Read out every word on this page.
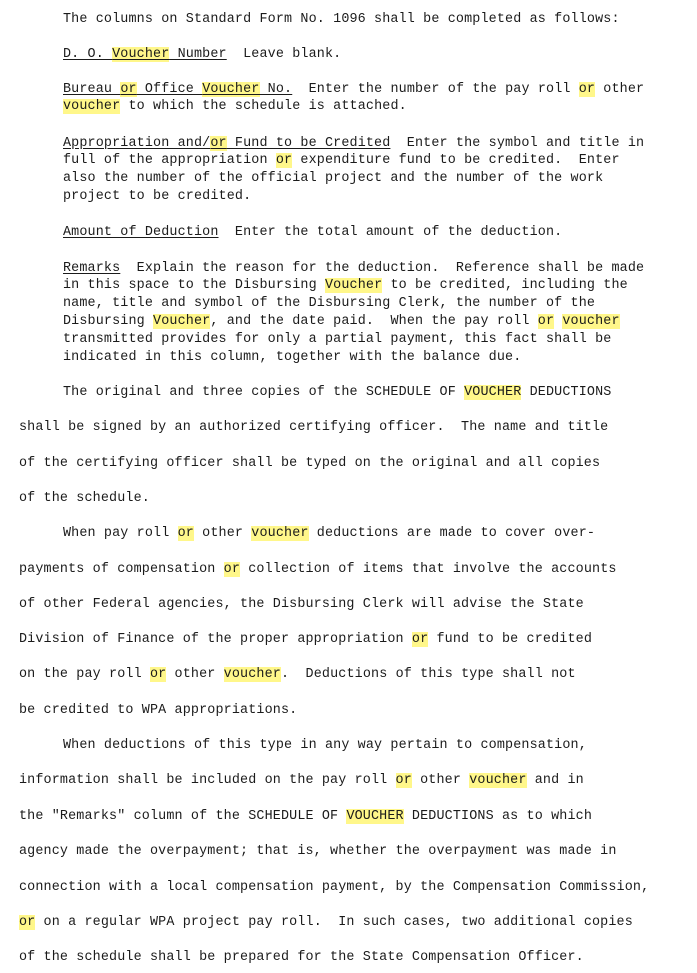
The columns on Standard Form No. 1096 shall be completed as follows:
D. O. Voucher Number  Leave blank.
Bureau or Office Voucher No.  Enter the number of the pay roll or other
voucher to which the schedule is attached.
Appropriation and/or Fund to be Credited  Enter the symbol and title in
full of the appropriation or expenditure fund to be credited.  Enter
also the number of the official project and the number of the work
project to be credited.
Amount of Deduction  Enter the total amount of the deduction.
Remarks  Explain the reason for the deduction.  Reference shall be made
in this space to the Disbursing Voucher to be credited, including the
name, title and symbol of the Disbursing Clerk, the number of the
Disbursing Voucher, and the date paid.  When the pay roll or voucher
transmitted provides for only a partial payment, this fact shall be
indicated in this column, together with the balance due.
The original and three copies of the SCHEDULE OF VOUCHER DEDUCTIONS
shall be signed by an authorized certifying officer.  The name and title
of the certifying officer shall be typed on the original and all copies
of the schedule.
When pay roll or other voucher deductions are made to cover over-
payments of compensation or collection of items that involve the accounts
of other Federal agencies, the Disbursing Clerk will advise the State
Division of Finance of the proper appropriation or fund to be credited
on the pay roll or other voucher.  Deductions of this type shall not
be credited to WPA appropriations.
When deductions of this type in any way pertain to compensation,
information shall be included on the pay roll or other voucher and in
the "Remarks" column of the SCHEDULE OF VOUCHER DEDUCTIONS as to which
agency made the overpayment; that is, whether the overpayment was made in
connection with a local compensation payment, by the Compensation Commission,
or on a regular WPA project pay roll.  In such cases, two additional copies
of the schedule shall be prepared for the State Compensation Officer.
